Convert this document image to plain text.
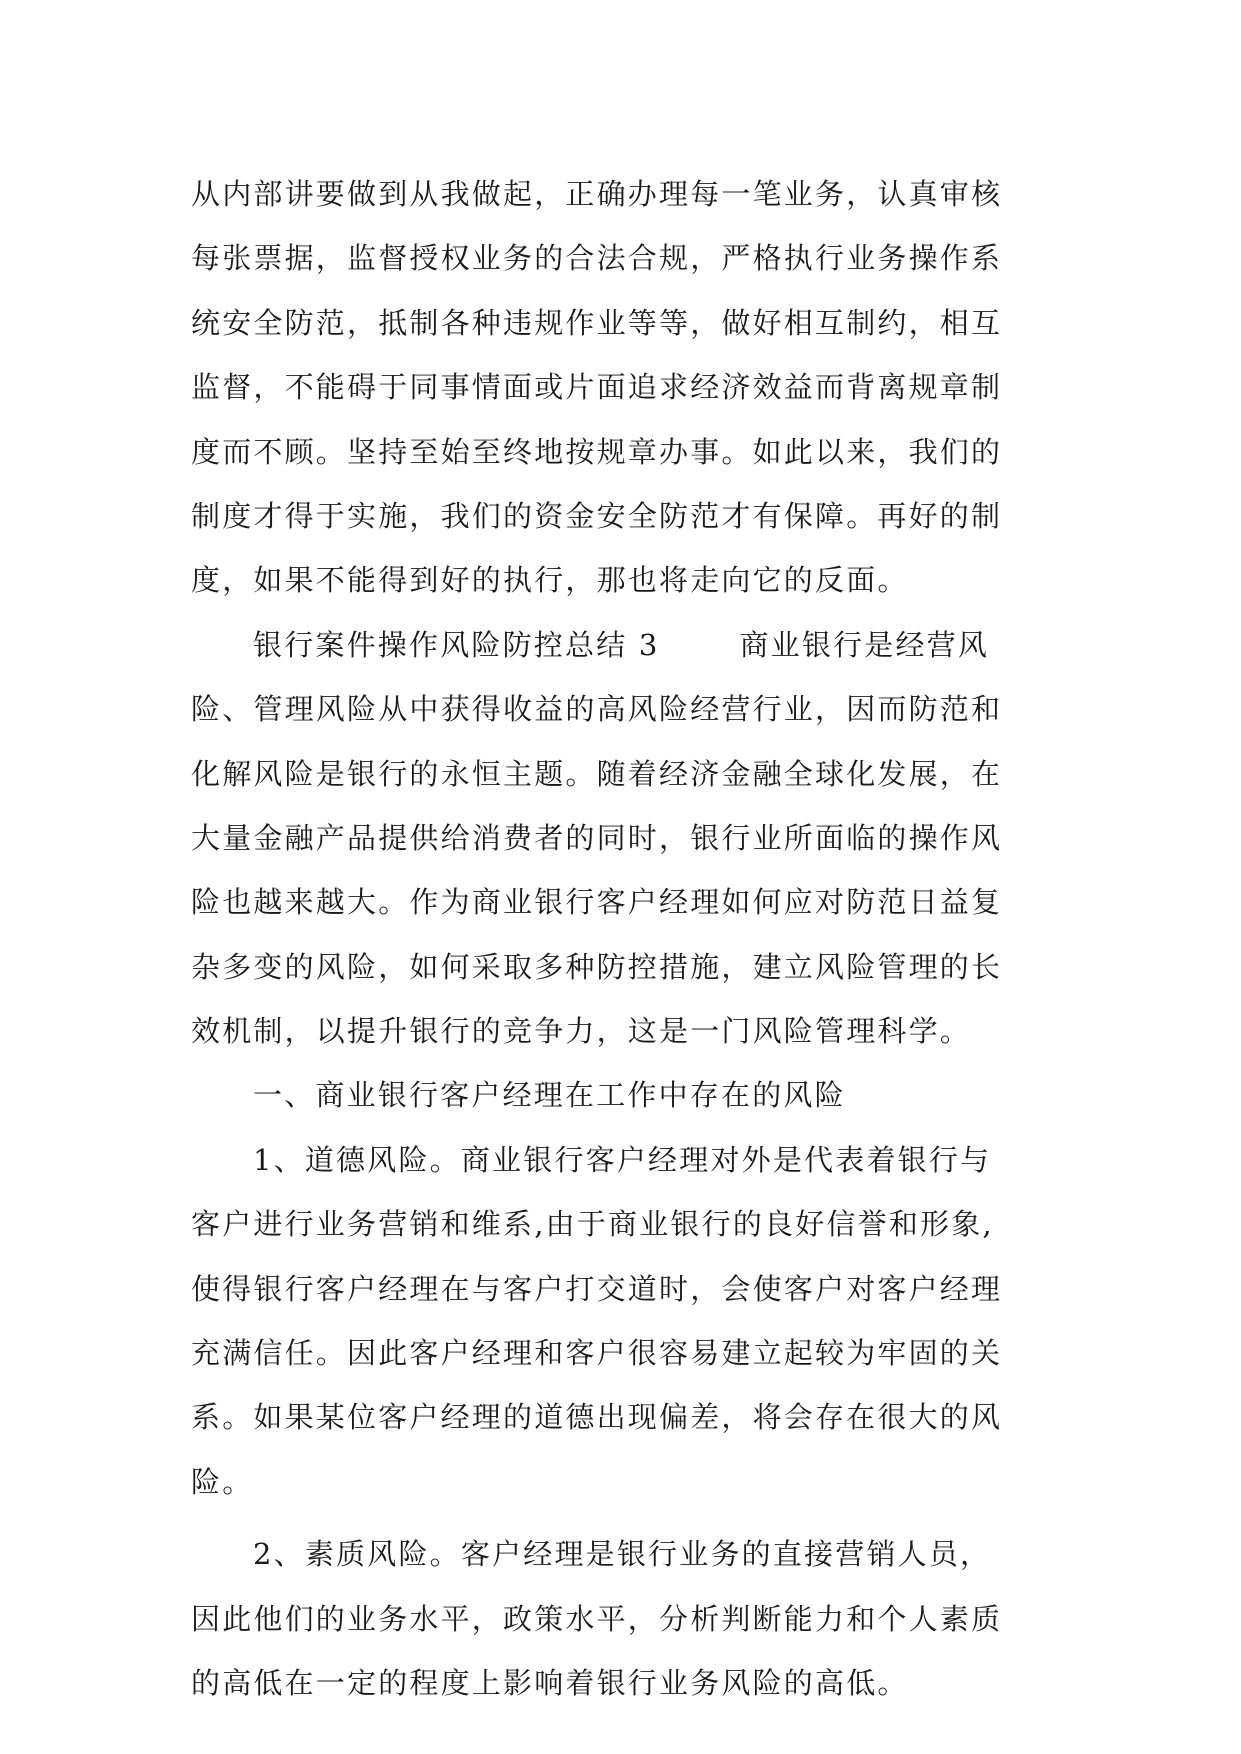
从内部讲要做到从我做起，正确办理每一笔业务，认真审核
每张票据，监督授权业务的合法合规，严格执行业务操作系
统安全防范，抵制各种违规作业等等，做好相互制约，相互
监督，不能碍于同事情面或片面追求经济效益而背离规章制
度而不顾。坚持至始至终地按规章办事。如此以来，我们的
制度才得于实施，我们的资金安全防范才有保障。再好的制
度，如果不能得到好的执行，那也将走向它的反面。
银行案件操作风险防控总结 3	商业银行是经营风
险、管理风险从中获得收益的高风险经营行业，因而防范和
化解风险是银行的永恒主题。随着经济金融全球化发展，在
大量金融产品提供给消费者的同时，银行业所面临的操作风
险也越来越大。作为商业银行客户经理如何应对防范日益复
杂多变的风险，如何采取多种防控措施，建立风险管理的长
效机制，以提升银行的竞争力，这是一门风险管理科学。
一、商业银行客户经理在工作中存在的风险
1、道德风险。商业银行客户经理对外是代表着银行与
客户进行业务营销和维系,由于商业银行的良好信誉和形象,
使得银行客户经理在与客户打交道时，会使客户对客户经理
充满信任。因此客户经理和客户很容易建立起较为牢固的关
系。如果某位客户经理的道德出现偏差，将会存在很大的风
险。
2、素质风险。客户经理是银行业务的直接营销人员，
因此他们的业务水平，政策水平，分析判断能力和个人素质
的高低在一定的程度上影响着银行业务风险的高低。
